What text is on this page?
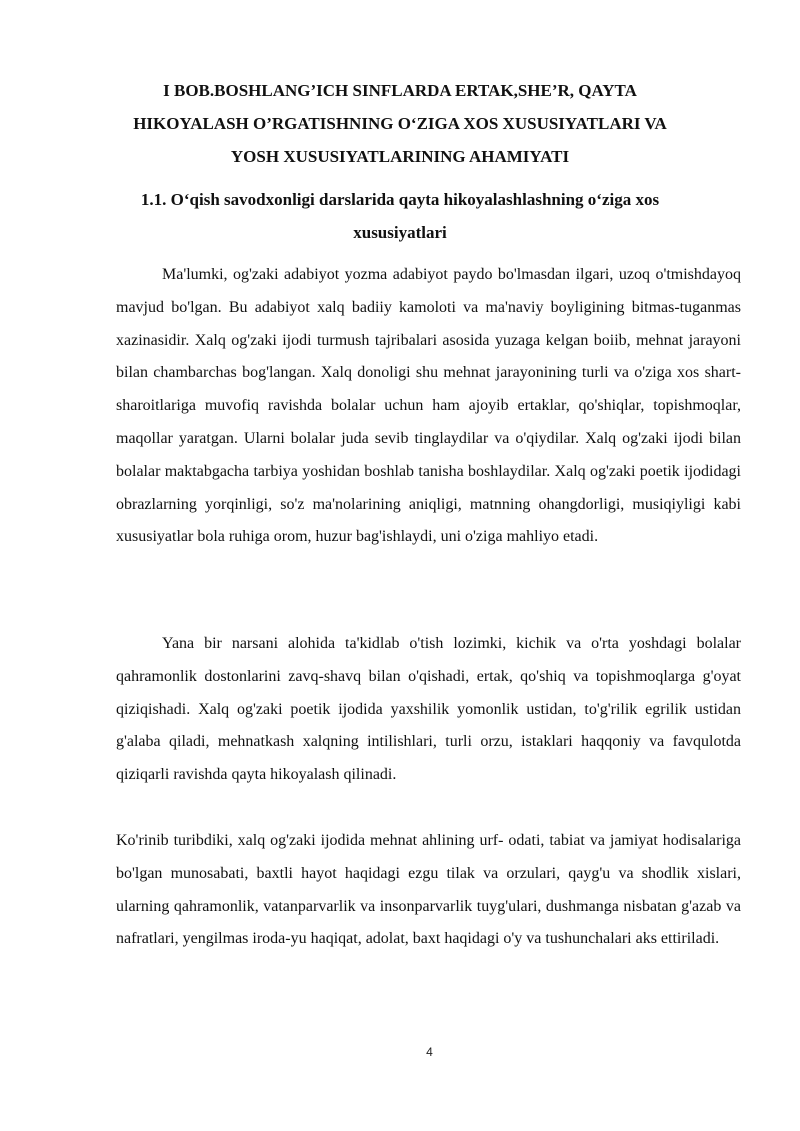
I BOB.BOSHLANG’ICH SINFLARDA ERTAK,SHE’R, QAYTA HIKOYALASH O’RGATISHNING O‘ZIGA XOS XUSUSIYATLARI VA YOSH XUSUSIYATLARINING AHAMIYATI
1.1. O‘qish savodxonligi darslarida qayta hikoyalashlashning o‘ziga xos xususiyatlari

Ma'lumki, og'zaki adabiyot yozma adabiyot paydo bo'lmasdan ilgari, uzoq o'tmishdayoq mavjud bo'lgan. Bu adabiyot xalq badiiy kamoloti va ma'naviy boyligining bitmas-tuganmas xazinasidir. Xalq og'zaki ijodi turmush tajribalari asosida yuzaga kelgan boiib, mehnat jarayoni bilan chambarchas bog'langan. Xalq donoligi shu mehnat jarayonining turli va o'ziga xos shart-sharoitlariga muvofiq ravishda bolalar uchun ham ajoyib ertaklar, qo'shiqlar, topishmoqlar, maqollar yaratgan. Ularni bolalar juda sevib tinglaydilar va o'qiydilar. Xalq og'zaki ijodi bilan bolalar maktabgacha tarbiya yoshidan boshlab tanisha boshlaydilar. Xalq og'zaki poetik ijodidagi obrazlarning yorqinligi, so'z ma'nolarining aniqligi, matnning ohangdorligi, musiqiyligi kabi xususiyatlar bola ruhiga orom, huzur bag'ishlaydi, uni o'ziga mahliyo etadi.

Yana bir narsani alohida ta'kidlab o'tish lozimki, kichik va o'rta yoshdagi bolalar qahramonlik dostonlarini zavq-shavq bilan o'qishadi, ertak, qo'shiq va topishmoqlarga g'oyat qiziqishadi. Xalq og'zaki poetik ijodida yaxshilik yomonlik ustidan, to'g'rilik egrilik ustidan g'alaba qiladi, mehnatkash xalqning intilishlari, turli orzu, istaklari haqqoniy va favqulotda qiziqarli ravishda qayta hikoyalash qilinadi.

Ko'rinib turibdiki, xalq og'zaki ijodida mehnat ahlining urf- odati, tabiat va jamiyat hodisalariga bo'lgan munosabati, baxtli hayot haqidagi ezgu tilak va orzulari, qayg'u va shodlik xislari, ularning qahramonlik, vatanparvarlik va insonparvarlik tuyg'ulari, dushmanga nisbatan g'azab va nafratlari, yengilmas iroda-yu haqiqat, adolat, baxt haqidagi o'y va tushunchalari aks ettiriladi.

4
